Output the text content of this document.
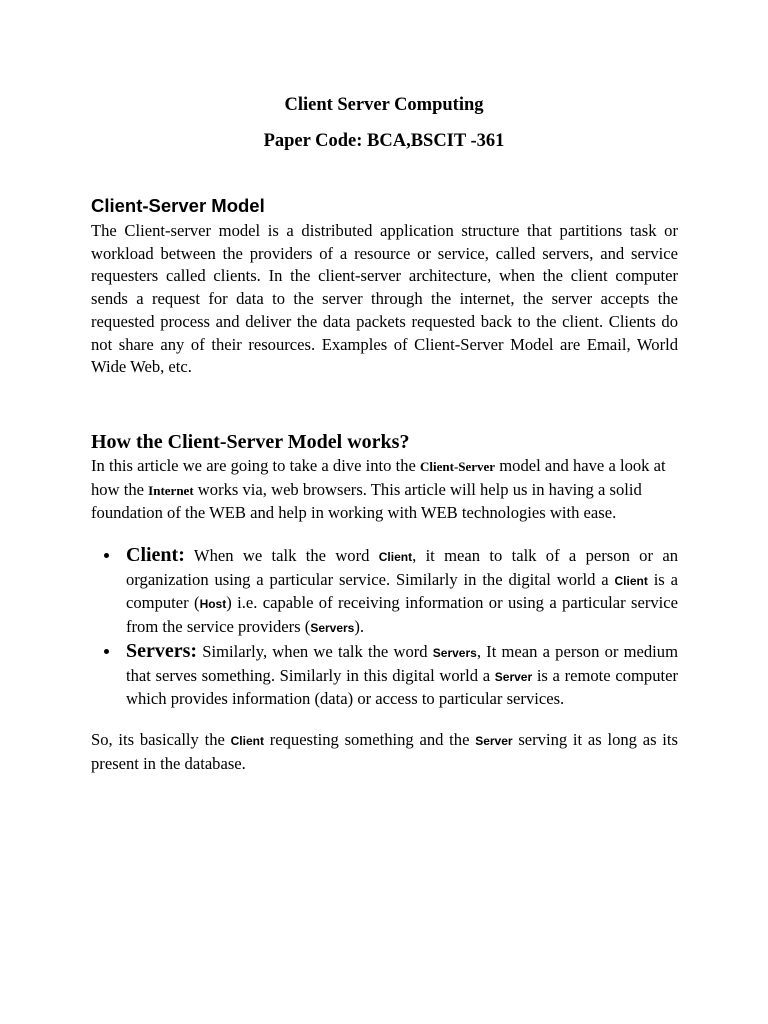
Client Server Computing
Paper Code: BCA,BSCIT -361
Client-Server Model

The Client-server model is a distributed application structure that partitions task or workload between the providers of a resource or service, called servers, and service requesters called clients. In the client-server architecture, when the client computer sends a request for data to the server through the internet, the server accepts the requested process and deliver the data packets requested back to the client. Clients do not share any of their resources. Examples of Client-Server Model are Email, World Wide Web, etc.

How the Client-Server Model works?

In this article we are going to take a dive into the Client-Server model and have a look at how the Internet works via, web browsers. This article will help us in having a solid foundation of the WEB and help in working with WEB technologies with ease.

Client: When we talk the word Client, it mean to talk of a person or an organization using a particular service. Similarly in the digital world a Client is a computer (Host) i.e. capable of receiving information or using a particular service from the service providers (Servers).
Servers: Similarly, when we talk the word Servers, It mean a person or medium that serves something. Similarly in this digital world a Server is a remote computer which provides information (data) or access to particular services.

So, its basically the Client requesting something and the Server serving it as long as its present in the database.
